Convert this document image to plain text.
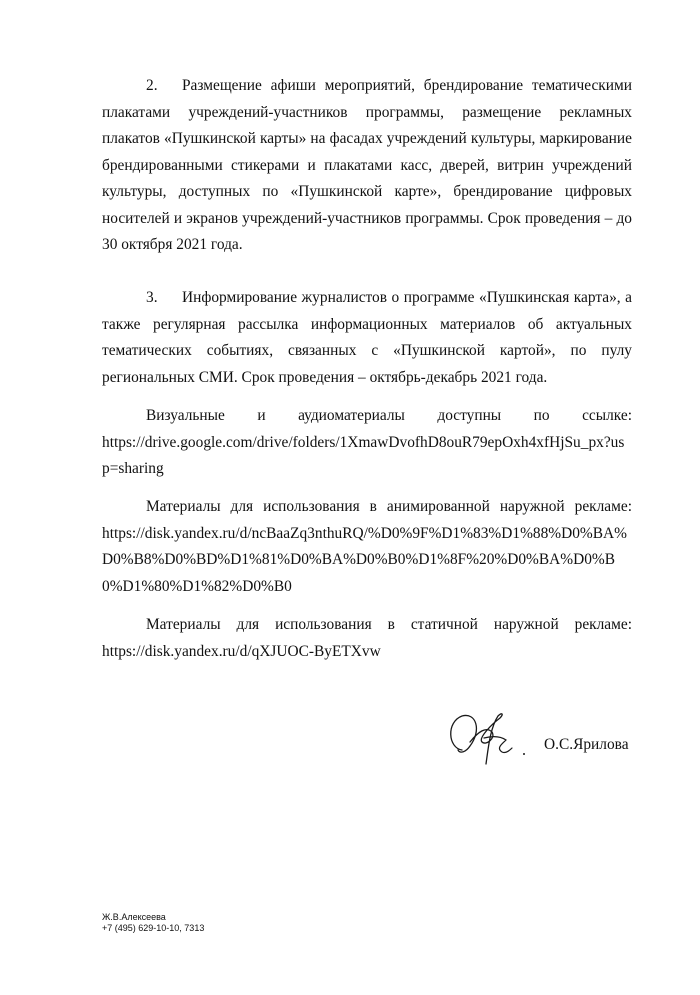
2. Размещение афиши мероприятий, брендирование тематическими плакатами учреждений-участников программы, размещение рекламных плакатов «Пушкинской карты» на фасадах учреждений культуры, маркирование брендированными стикерами и плакатами касс, дверей, витрин учреждений культуры, доступных по «Пушкинской карте», брендирование цифровых носителей и экранов учреждений-участников программы. Срок проведения – до 30 октября 2021 года.

3. Информирование журналистов о программе «Пушкинская карта», а также регулярная рассылка информационных материалов об актуальных тематических событиях, связанных с «Пушкинской картой», по пулу региональных СМИ. Срок проведения – октябрь-декабрь 2021 года.

Визуальные и аудиоматериалы доступны по ссылке:

https://drive.google.com/drive/folders/1XmawDvofhD8ouR79epOxh4xfHjSu_px?usp=sharing

Материалы для использования в анимированной наружной рекламе:

https://disk.yandex.ru/d/ncBaaZq3nthuRQ/%D0%9F%D1%83%D1%88%D0%BA%D0%B8%D0%BD%D1%81%D0%BA%D0%B0%D1%8F%20%D0%BA%D0%B0%D1%80%D1%82%D0%B0

Материалы для использования в статичной наружной рекламе:

https://disk.yandex.ru/d/qXJUOC-ByETXvw

О.С.Ярилова
Ж.В.Алексеева
+7 (495) 629-10-10, 7313
